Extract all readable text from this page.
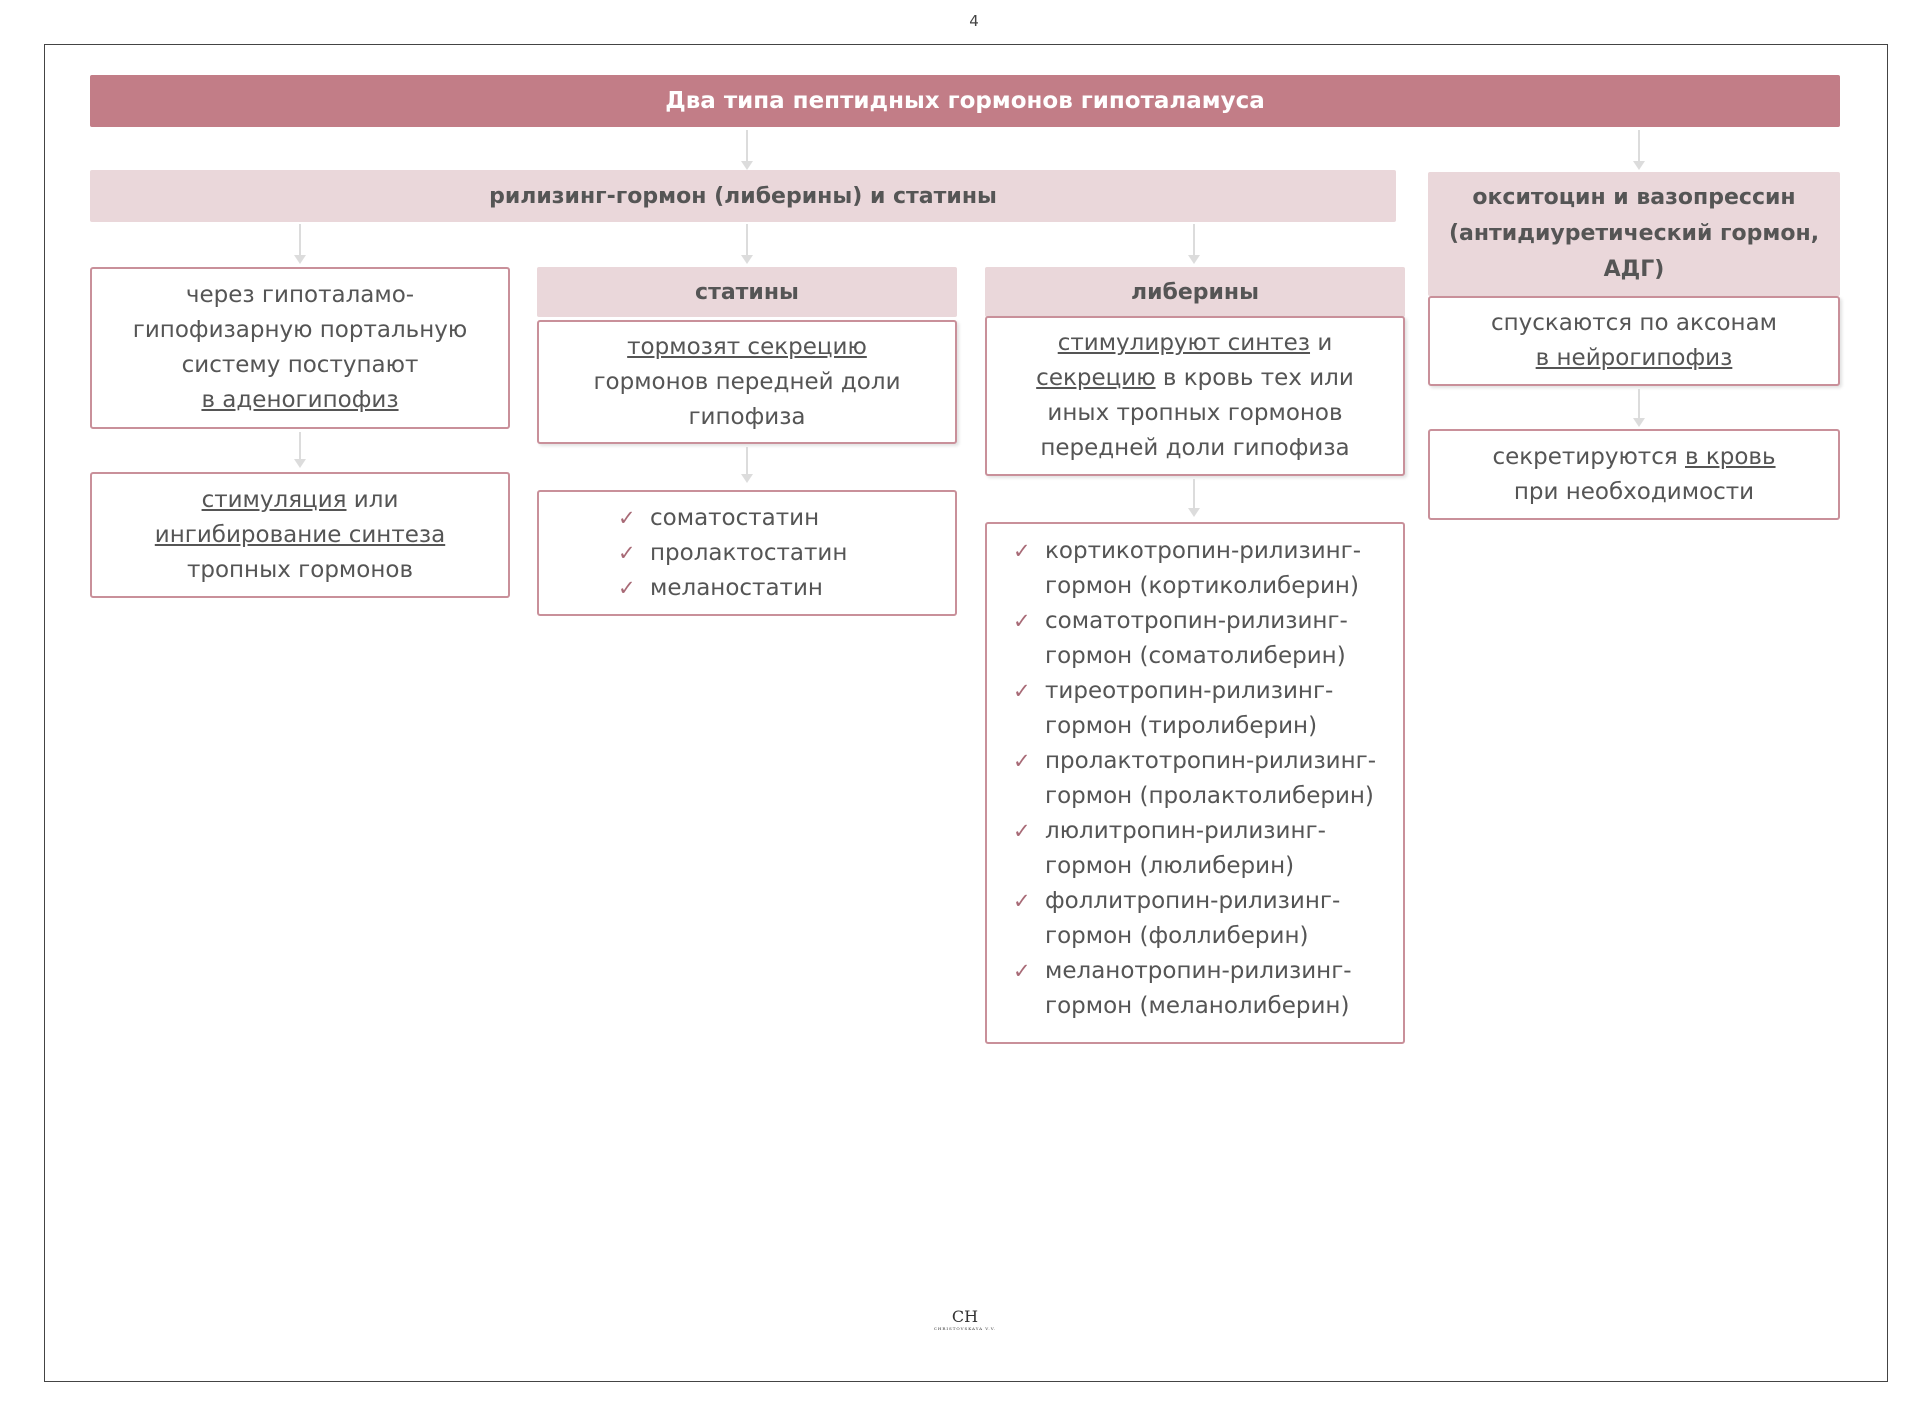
4
Два типа пептидных гормонов гипоталамуса
рилизинг-гормон (либерины) и статины	окситоцин и вазопрессин
(антидиуретический гормон,
АДГ)
через гипоталамо-
гипофизарную портальную
систему поступают
в аденогипофиз
стимуляция или
ингибирование синтеза
тропных гормонов
статины
тормозят секрецию
гормонов передней доли
гипофиза
✓ соматостатин
✓ пролактостатин
✓ меланостатин
либерины
стимулируют синтез и
секрецию в кровь тех или
иных тропных гормонов
передней доли гипофиза
✓ кортикотропин-рилизинг-
гормон (кортиколиберин)
✓ соматотропин-рилизинг-
гормон (соматолиберин)
✓ тиреотропин-рилизинг-
гормон (тиролиберин)
✓ пролактотропин-рилизинг-
гормон (пролактолиберин)
✓ люлитропин-рилизинг-
гормон (люлиберин)
✓ фоллитропин-рилизинг-
гормон (фоллиберин)
✓ меланотропин-рилизинг-
гормон (меланолиберин)
спускаются по аксонам
в нейрогипофиз
секретируются в кровь
при необходимости
CH
CHRISTOVSKAYA V.V.
